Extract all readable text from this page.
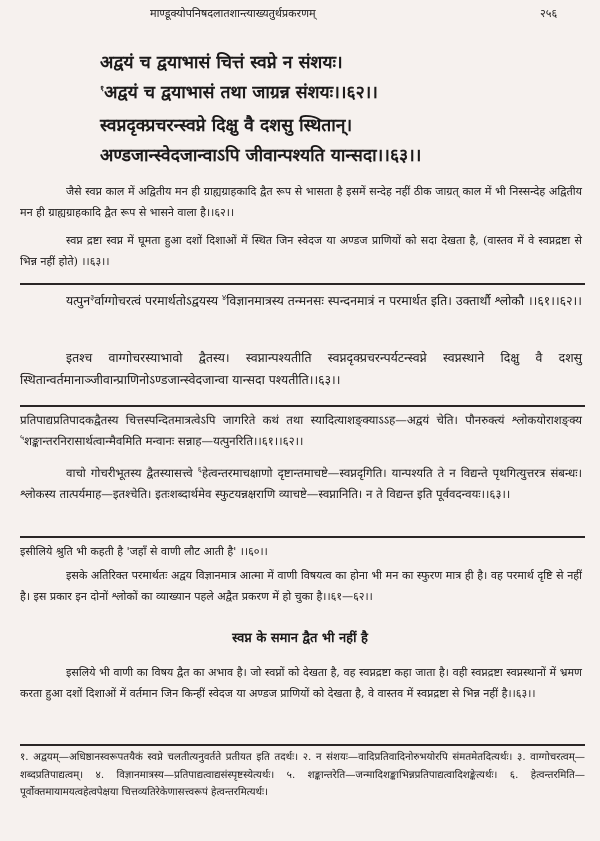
माण्डूक्योपनिषदलातशान्त्याख्यतुर्थप्रकरणम्	२५६
अद्वयं च द्वयाभासं चित्तं स्वप्ने न संशयः।
$^१$अद्वयं च द्वयाभासं तथा जाग्रन्न संशयः।।६२।।
स्वप्नदृक्प्रचरन्स्वप्ने दिक्षु वै दशसु स्थितान्।
अण्डजान्स्वेदजान्वाऽपि जीवान्पश्यति यान्सदा।।६३।।
जैसे स्वप्न काल में अद्वितीय मन ही ग्राह्यग्राहकादि द्वैत रूप से भासता है इसमें सन्देह नहीं ठीक जाग्रत् काल में भी निस्सन्देह अद्वितीय मन ही ग्राह्यग्राहकादि द्वैत रूप से भासने वाला है।।६२।।
स्वप्न द्रष्टा स्वप्न में घूमता हुआ दशों दिशाओं में स्थित जिन स्वेदज या अण्डज प्राणियों को सदा देखता है, (वास्तव में वे स्वप्नद्रष्टा से भिन्न नहीं होते) ।।६३।।
यत्पुन$^३$र्वाग्गोचरत्वं परमार्थतोऽद्वयस्य $^४$विज्ञानमात्रस्य तन्मनसः स्पन्दनमात्रं न परमार्थत इति। उक्तार्थौ श्लोकौ ।।६१।।६२।।
इतश्च वाग्गोचरस्याभावो द्वैतस्य। स्वप्नान्पश्यतीति स्वप्नदृक्प्रचरन्पर्यटन्स्वप्ने स्वप्नस्थाने दिक्षु वै दशसु स्थितान्वर्तमानाञ्जीवान्प्राणिनोऽण्डजान्स्वेदजान्वा यान्सदा पश्यतीति।।६३।।
प्रतिपाद्यप्रतिपादकद्वैतस्य चित्तस्पन्दितमात्रत्वेऽपि जागरिते कथं तथा स्यादित्याशङ्क्याऽऽह—अद्वयं चेति। पौनरुक्त्यं श्लोकयोराशङ्क्य $^५$शङ्कान्तरनिरासार्थत्वान्मैवमिति मन्वानः सन्नाह—यत्पुनरिति।।६१।।६२।।
वाचो गोचरीभूतस्य द्वैतस्यासत्त्वे $^६$हेत्वन्तरमाचक्षाणो दृष्टान्तमाचष्टे—स्वप्नदृगिति। यान्पश्यति ते न विद्यन्ते पृथगित्युत्तरत्र संबन्धः। श्लोकस्य तात्पर्यमाह—इतश्चेति। इतःशब्दार्थमेव स्फुटयन्नक्षराणि व्याचष्टे—स्वप्नानिति। न ते विद्यन्त इति पूर्ववदन्वयः।।६३।।
इसीलिये श्रुति भी कहती है 'जहाँ से वाणी लौट आती है' ।।६०।।
इसके अतिरिक्त परमार्थतः अद्वय विज्ञानमात्र आत्मा में वाणी विषयत्व का होना भी मन का स्फुरण मात्र ही है। वह परमार्थ दृष्टि से नहीं है। इस प्रकार इन दोनों श्लोकों का व्याख्यान पहले अद्वैत प्रकरण में हो चुका है।।६१—६२।।
स्वप्न के समान द्वैत भी नहीं है
इसलिये भी वाणी का विषय द्वैत का अभाव है। जो स्वप्नों को देखता है, वह स्वप्नद्रष्टा कहा जाता है। वही स्वप्नद्रष्टा स्वप्नस्थानों में भ्रमण करता हुआ दशों दिशाओं में वर्तमान जिन किन्हीं स्वेदज या अण्डज प्राणियों को देखता है, वे वास्तव में स्वप्नद्रष्टा से भिन्न नहीं है।।६३।।
१. अद्वयम्—अधिष्ठानस्वरूपतयैकं स्वप्ने चलतीत्यनुवर्तते प्रतीयत इति तदर्थः। २. न संशयः—वादिप्रतिवादिनोरुभयोरपि संमतमेतदित्यर्थः। ३. वाग्गोचरत्वम्—शब्दप्रतिपाद्यत्वम्। ४. विज्ञानमात्रस्य—प्रतिपाद्यत्वाद्यसंस्पृष्टस्येत्यर्थः। ५. शङ्कान्तरेति—जन्मादिशङ्काभिन्नप्रतिपाद्यत्वादिशङ्केत्यर्थः। ६. हेत्वन्तरमिति—पूर्वोक्तमायामयत्वहेत्वपेक्षया चित्तव्यतिरेकेणासत्त्वरूपं हेत्वन्तरमित्यर्थः।
